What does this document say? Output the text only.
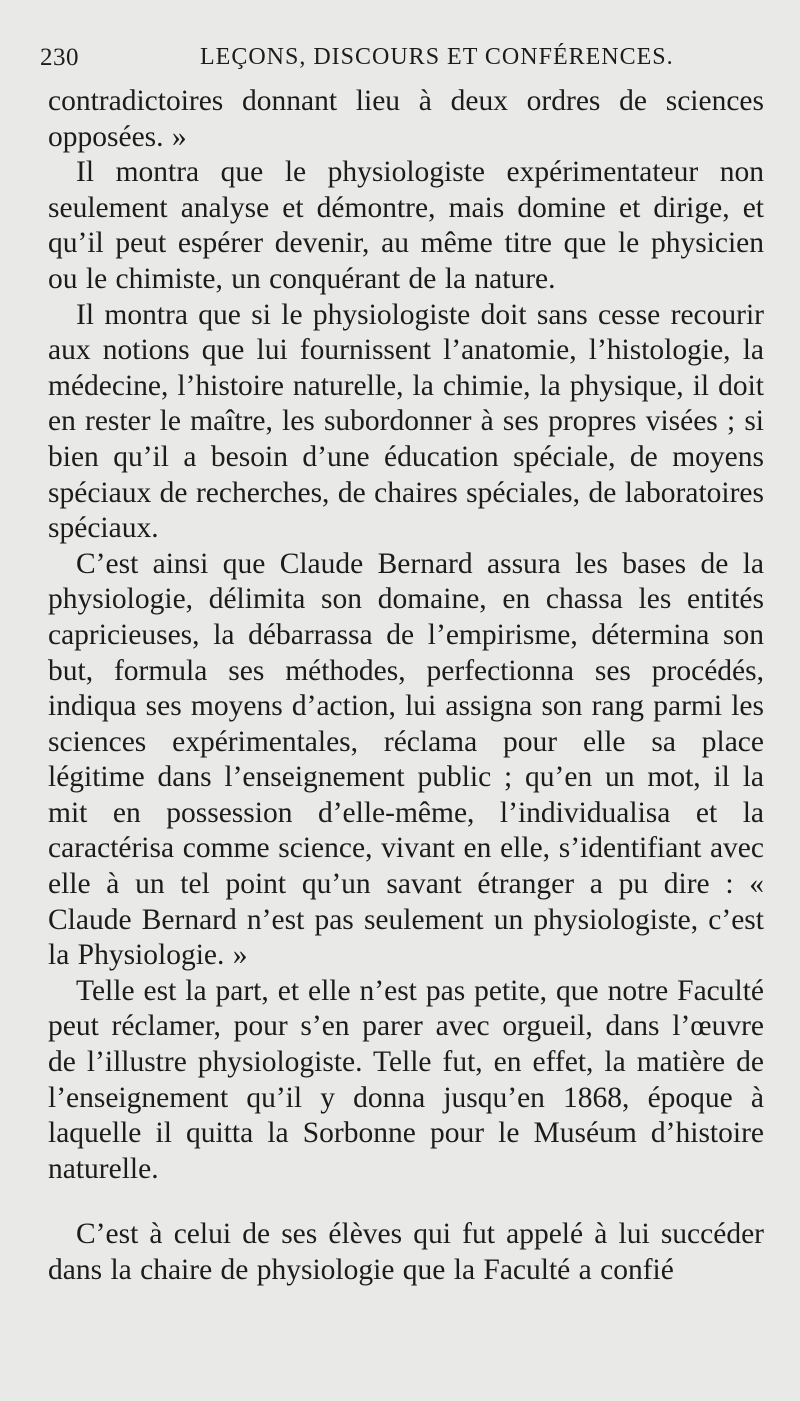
230	LEÇONS, DISCOURS ET CONFÉRENCES.

contradictoires donnant lieu à deux ordres de sciences opposées. »

Il montra que le physiologiste expérimentateur non seulement analyse et démontre, mais domine et dirige, et qu’il peut espérer devenir, au même titre que le physicien ou le chimiste, un conquérant de la nature.

Il montra que si le physiologiste doit sans cesse recourir aux notions que lui fournissent l’anatomie, l’histologie, la médecine, l’histoire naturelle, la chimie, la physique, il doit en rester le maître, les subordonner à ses propres visées ; si bien qu’il a besoin d’une éducation spéciale, de moyens spéciaux de recherches, de chaires spéciales, de laboratoires spéciaux.

C’est ainsi que Claude Bernard assura les bases de la physiologie, délimita son domaine, en chassa les entités capricieuses, la débarrassa de l’empirisme, détermina son but, formula ses méthodes, perfectionna ses procédés, indiqua ses moyens d’action, lui assigna son rang parmi les sciences expérimentales, réclama pour elle sa place légitime dans l’enseignement public ; qu’en un mot, il la mit en possession d’elle-même, l’individualisa et la caractérisa comme science, vivant en elle, s’identifiant avec elle à un tel point qu’un savant étranger a pu dire : « Claude Bernard n’est pas seulement un physiologiste, c’est la Physiologie. »

Telle est la part, et elle n’est pas petite, que notre Faculté peut réclamer, pour s’en parer avec orgueil, dans l’œuvre de l’illustre physiologiste. Telle fut, en effet, la matière de l’enseignement qu’il y donna jusqu’en 1868, époque à laquelle il quitta la Sorbonne pour le Muséum d’histoire naturelle.

C’est à celui de ses élèves qui fut appelé à lui succéder dans la chaire de physiologie que la Faculté a confié
